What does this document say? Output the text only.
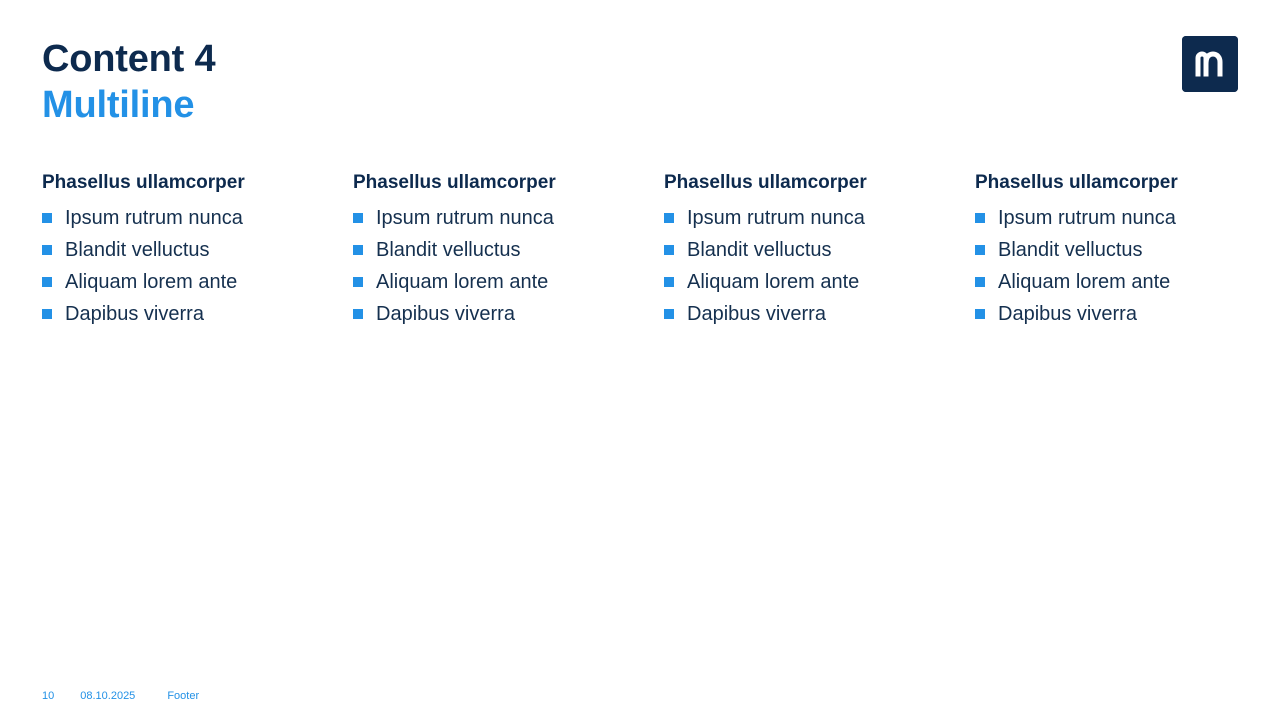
Content 4
Multiline
Phasellus ullamcorper
Ipsum rutrum nunca
Blandit velluctus
Aliquam lorem ante
Dapibus viverra
Phasellus ullamcorper
Ipsum rutrum nunca
Blandit velluctus
Aliquam lorem ante
Dapibus viverra
Phasellus ullamcorper
Ipsum rutrum nunca
Blandit velluctus
Aliquam lorem ante
Dapibus viverra
Phasellus ullamcorper
Ipsum rutrum nunca
Blandit velluctus
Aliquam lorem ante
Dapibus viverra
10 08.10.2025	Footer
